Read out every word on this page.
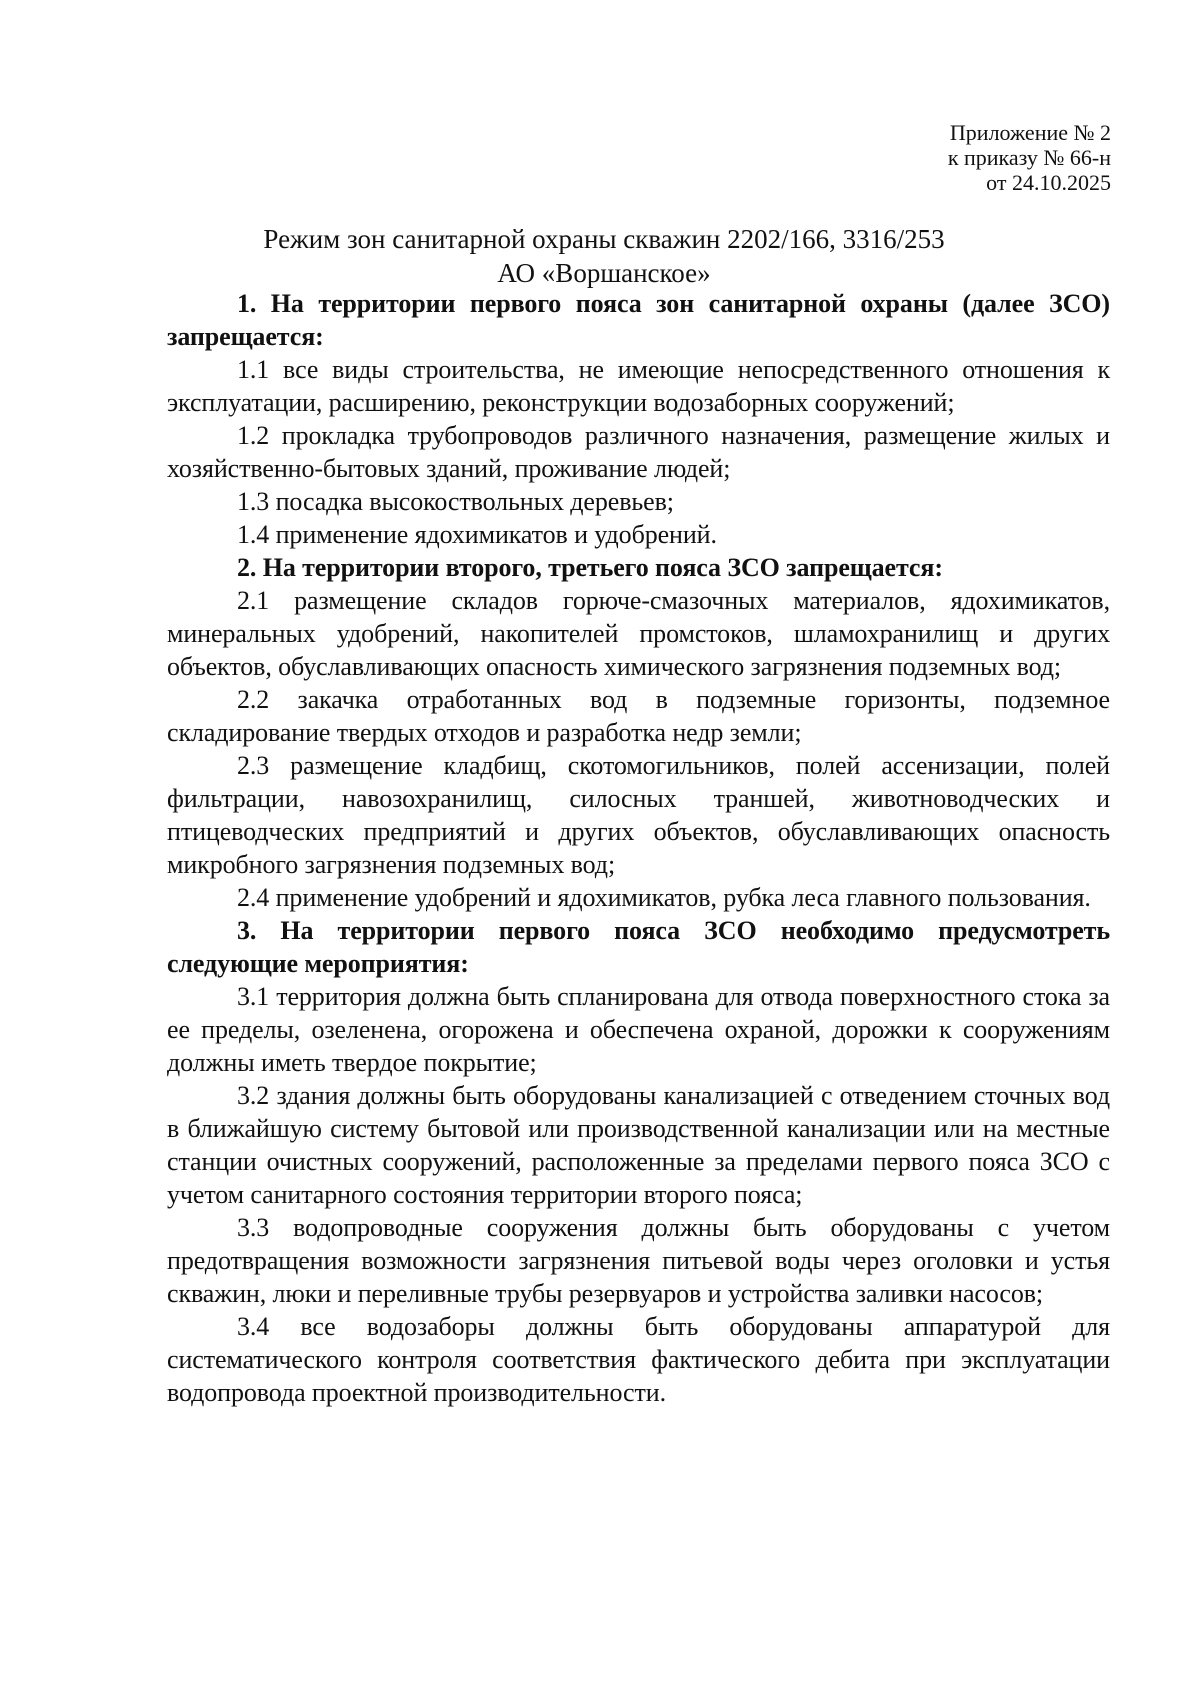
Приложение № 2
к приказу № 66-н
от 24.10.2025
Режим зон санитарной охраны скважин 2202/166, 3316/253
АО «Воршанское»

1. На территории первого пояса зон санитарной охраны (далее ЗСО) запрещается:

1.1 все виды строительства, не имеющие непосредственного отношения к эксплуатации, расширению, реконструкции водозаборных сооружений;

1.2 прокладка трубопроводов различного назначения, размещение жилых и хозяйственно-бытовых зданий, проживание людей;

1.3 посадка высокоствольных деревьев;

1.4 применение ядохимикатов и удобрений.

2. На территории второго, третьего пояса ЗСО запрещается:

2.1 размещение складов горюче-смазочных материалов, ядохимикатов, минеральных удобрений, накопителей промстоков, шламохранилищ и других объектов, обуславливающих опасность химического загрязнения подземных вод;

2.2 закачка отработанных вод в подземные горизонты, подземное складирование твердых отходов и разработка недр земли;

2.3 размещение кладбищ, скотомогильников, полей ассенизации, полей фильтрации, навозохранилищ, силосных траншей, животноводческих и птицеводческих предприятий и других объектов, обуславливающих опасность микробного загрязнения подземных вод;

2.4 применение удобрений и ядохимикатов, рубка леса главного пользования.

3. На территории первого пояса ЗСО необходимо предусмотреть следующие мероприятия:

3.1 территория должна быть спланирована для отвода поверхностного стока за ее пределы, озеленена, огорожена и обеспечена охраной, дорожки к сооружениям должны иметь твердое покрытие;

3.2 здания должны быть оборудованы канализацией с отведением сточных вод в ближайшую систему бытовой или производственной канализации или на местные станции очистных сооружений, расположенные за пределами первого пояса ЗСО с учетом санитарного состояния территории второго пояса;

3.3 водопроводные сооружения должны быть оборудованы с учетом предотвращения возможности загрязнения питьевой воды через оголовки и устья скважин, люки и переливные трубы резервуаров и устройства заливки насосов;

3.4 все водозаборы должны быть оборудованы аппаратурой для систематического контроля соответствия фактического дебита при эксплуатации водопровода проектной производительности.
